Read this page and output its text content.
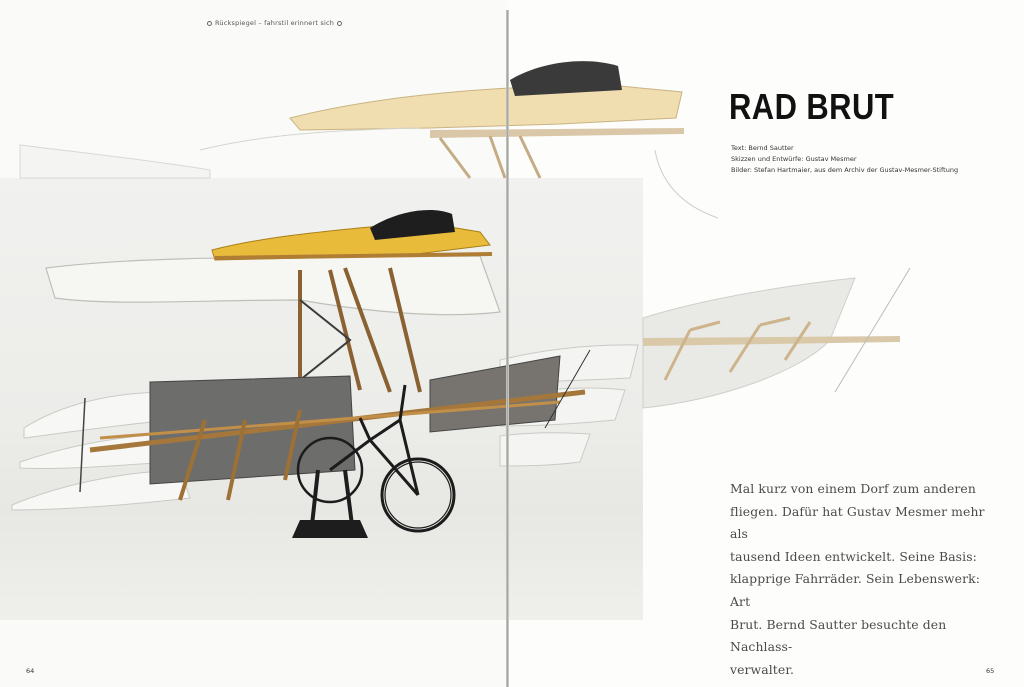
Rückspiegel – fahrstil erinnert sich
RAD BRUT
Text: Bernd Sautter
Skizzen und Entwürfe: Gustav Mesmer
Bilder: Stefan Hartmaier, aus dem Archiv der Gustav-Mesmer-Stiftung
Mal kurz von einem Dorf zum anderen
fliegen. Dafür hat Gustav Mesmer mehr als
tausend Ideen entwickelt. Seine Basis:
klapprige Fahrräder. Sein Lebenswerk: Art
Brut. Bernd Sautter besuchte den Nachlass-
verwalter.
64	65
